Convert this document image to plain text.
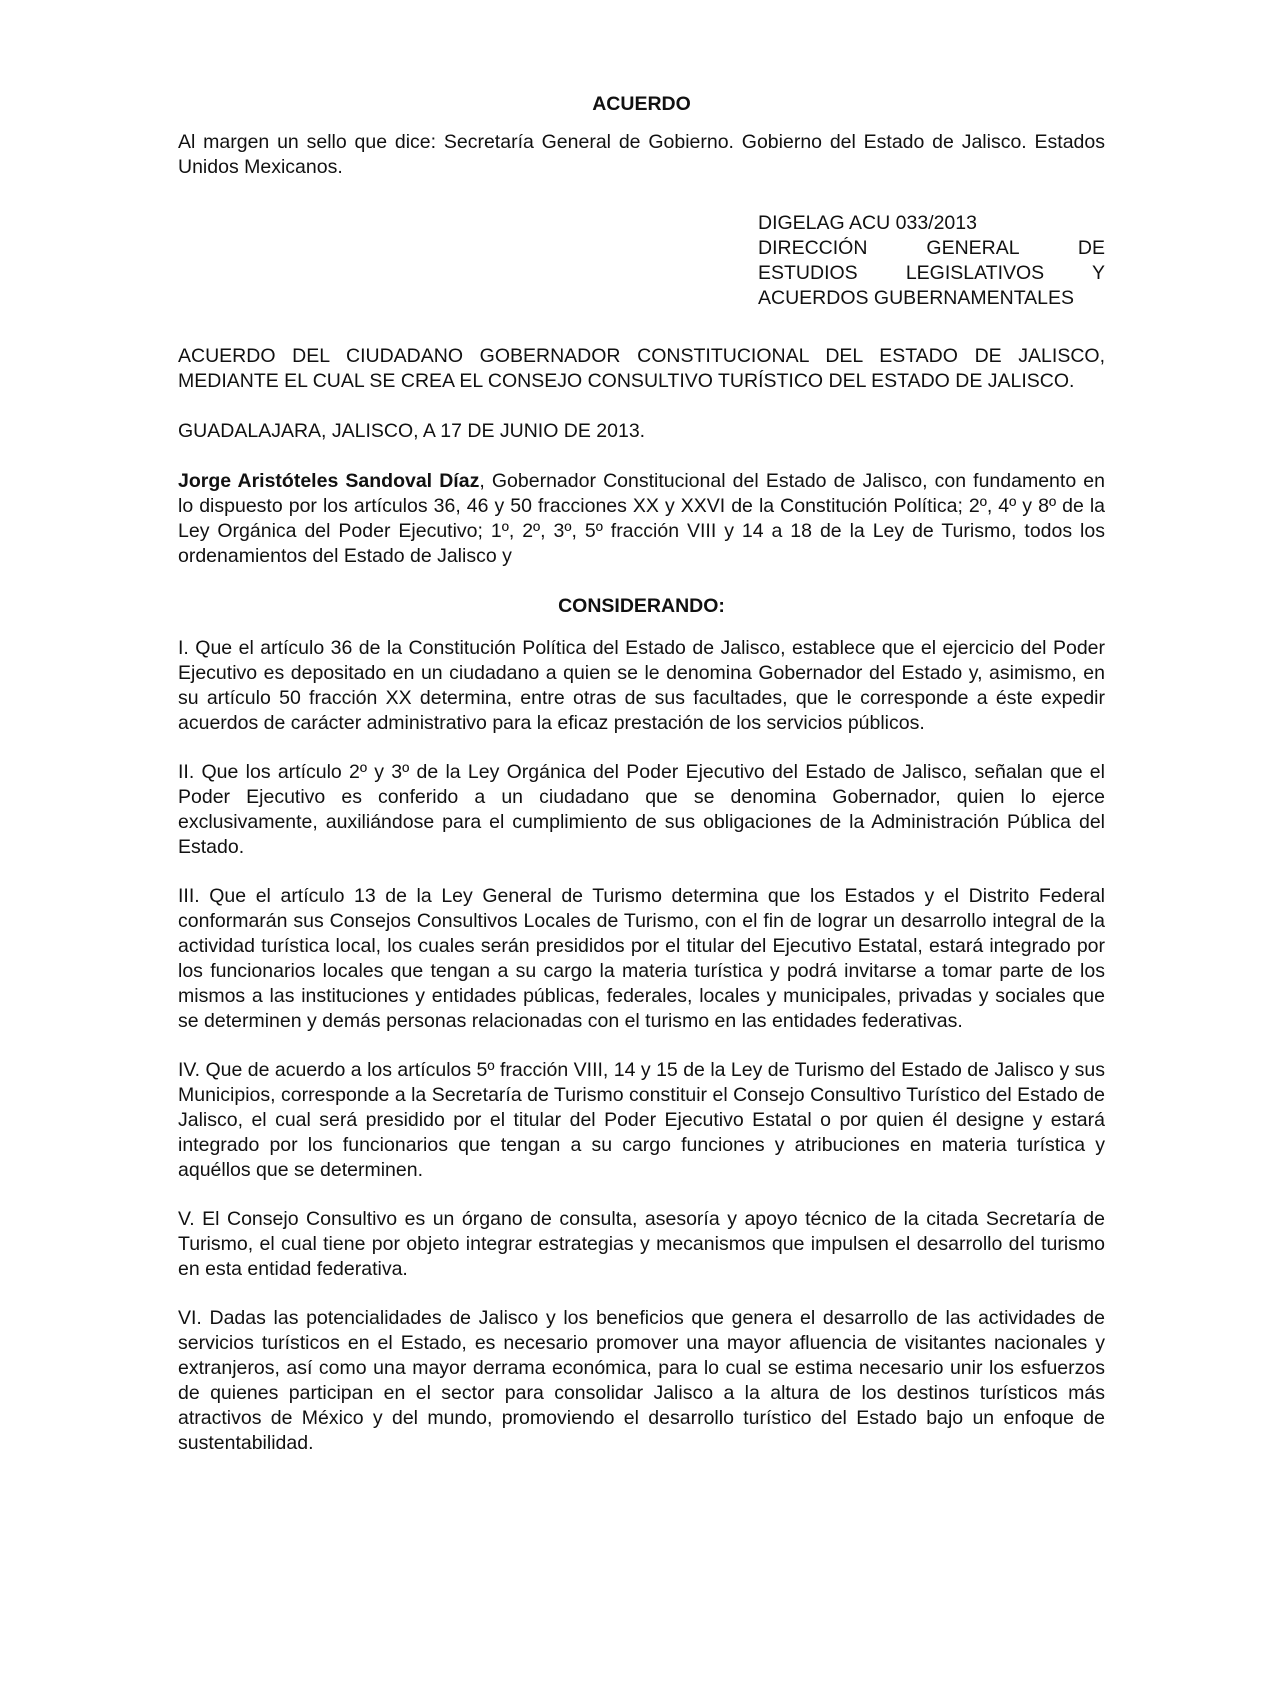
ACUERDO

Al margen un sello que dice: Secretaría General de Gobierno. Gobierno del Estado de Jalisco. Estados Unidos Mexicanos.

DIGELAG ACU 033/2013
DIRECCIÓN GENERAL DE
ESTUDIOS LEGISLATIVOS Y
ACUERDOS GUBERNAMENTALES

ACUERDO DEL CIUDADANO GOBERNADOR CONSTITUCIONAL DEL ESTADO DE JALISCO, MEDIANTE EL CUAL SE CREA EL CONSEJO CONSULTIVO TURÍSTICO DEL ESTADO DE JALISCO.

GUADALAJARA, JALISCO, A 17 DE JUNIO DE 2013.

Jorge Aristóteles Sandoval Díaz, Gobernador Constitucional del Estado de Jalisco, con fundamento en lo dispuesto por los artículos 36, 46 y 50 fracciones XX y XXVI de la Constitución Política; 2º, 4º y 8º de la Ley Orgánica del Poder Ejecutivo; 1º, 2º, 3º, 5º fracción VIII y 14 a 18 de la Ley de Turismo, todos los ordenamientos del Estado de Jalisco y

CONSIDERANDO:

I. Que el artículo 36 de la Constitución Política del Estado de Jalisco, establece que el ejercicio del Poder Ejecutivo es depositado en un ciudadano a quien se le denomina Gobernador del Estado y, asimismo, en su artículo 50 fracción XX determina, entre otras de sus facultades, que le corresponde a éste expedir acuerdos de carácter administrativo para la eficaz prestación de los servicios públicos.

II. Que los artículo 2º y 3º de la Ley Orgánica del Poder Ejecutivo del Estado de Jalisco, señalan que el Poder Ejecutivo es conferido a un ciudadano que se denomina Gobernador, quien lo ejerce exclusivamente, auxiliándose para el cumplimiento de sus obligaciones de la Administración Pública del Estado.

III. Que el artículo 13 de la Ley General de Turismo determina que los Estados y el Distrito Federal conformarán sus Consejos Consultivos Locales de Turismo, con el fin de lograr un desarrollo integral de la actividad turística local, los cuales serán presididos por el titular del Ejecutivo Estatal, estará integrado por los funcionarios locales que tengan a su cargo la materia turística y podrá invitarse a tomar parte de los mismos a las instituciones y entidades públicas, federales, locales y municipales, privadas y sociales que se determinen y demás personas relacionadas con el turismo en las entidades federativas.

IV. Que de acuerdo a los artículos 5º fracción VIII, 14 y 15 de la Ley de Turismo del Estado de Jalisco y sus Municipios, corresponde a la Secretaría de Turismo constituir el Consejo Consultivo Turístico del Estado de Jalisco, el cual será presidido por el titular del Poder Ejecutivo Estatal o por quien él designe y estará integrado por los funcionarios que tengan a su cargo funciones y atribuciones en materia turística y aquéllos que se determinen.

V. El Consejo Consultivo es un órgano de consulta, asesoría y apoyo técnico de la citada Secretaría de Turismo, el cual tiene por objeto integrar estrategias y mecanismos que impulsen el desarrollo del turismo en esta entidad federativa.

VI. Dadas las potencialidades de Jalisco y los beneficios que genera el desarrollo de las actividades de servicios turísticos en el Estado, es necesario promover una mayor afluencia de visitantes nacionales y extranjeros, así como una mayor derrama económica, para lo cual se estima necesario unir los esfuerzos de quienes participan en el sector para consolidar Jalisco a la altura de los destinos turísticos más atractivos de México y del mundo, promoviendo el desarrollo turístico del Estado bajo un enfoque de sustentabilidad.
